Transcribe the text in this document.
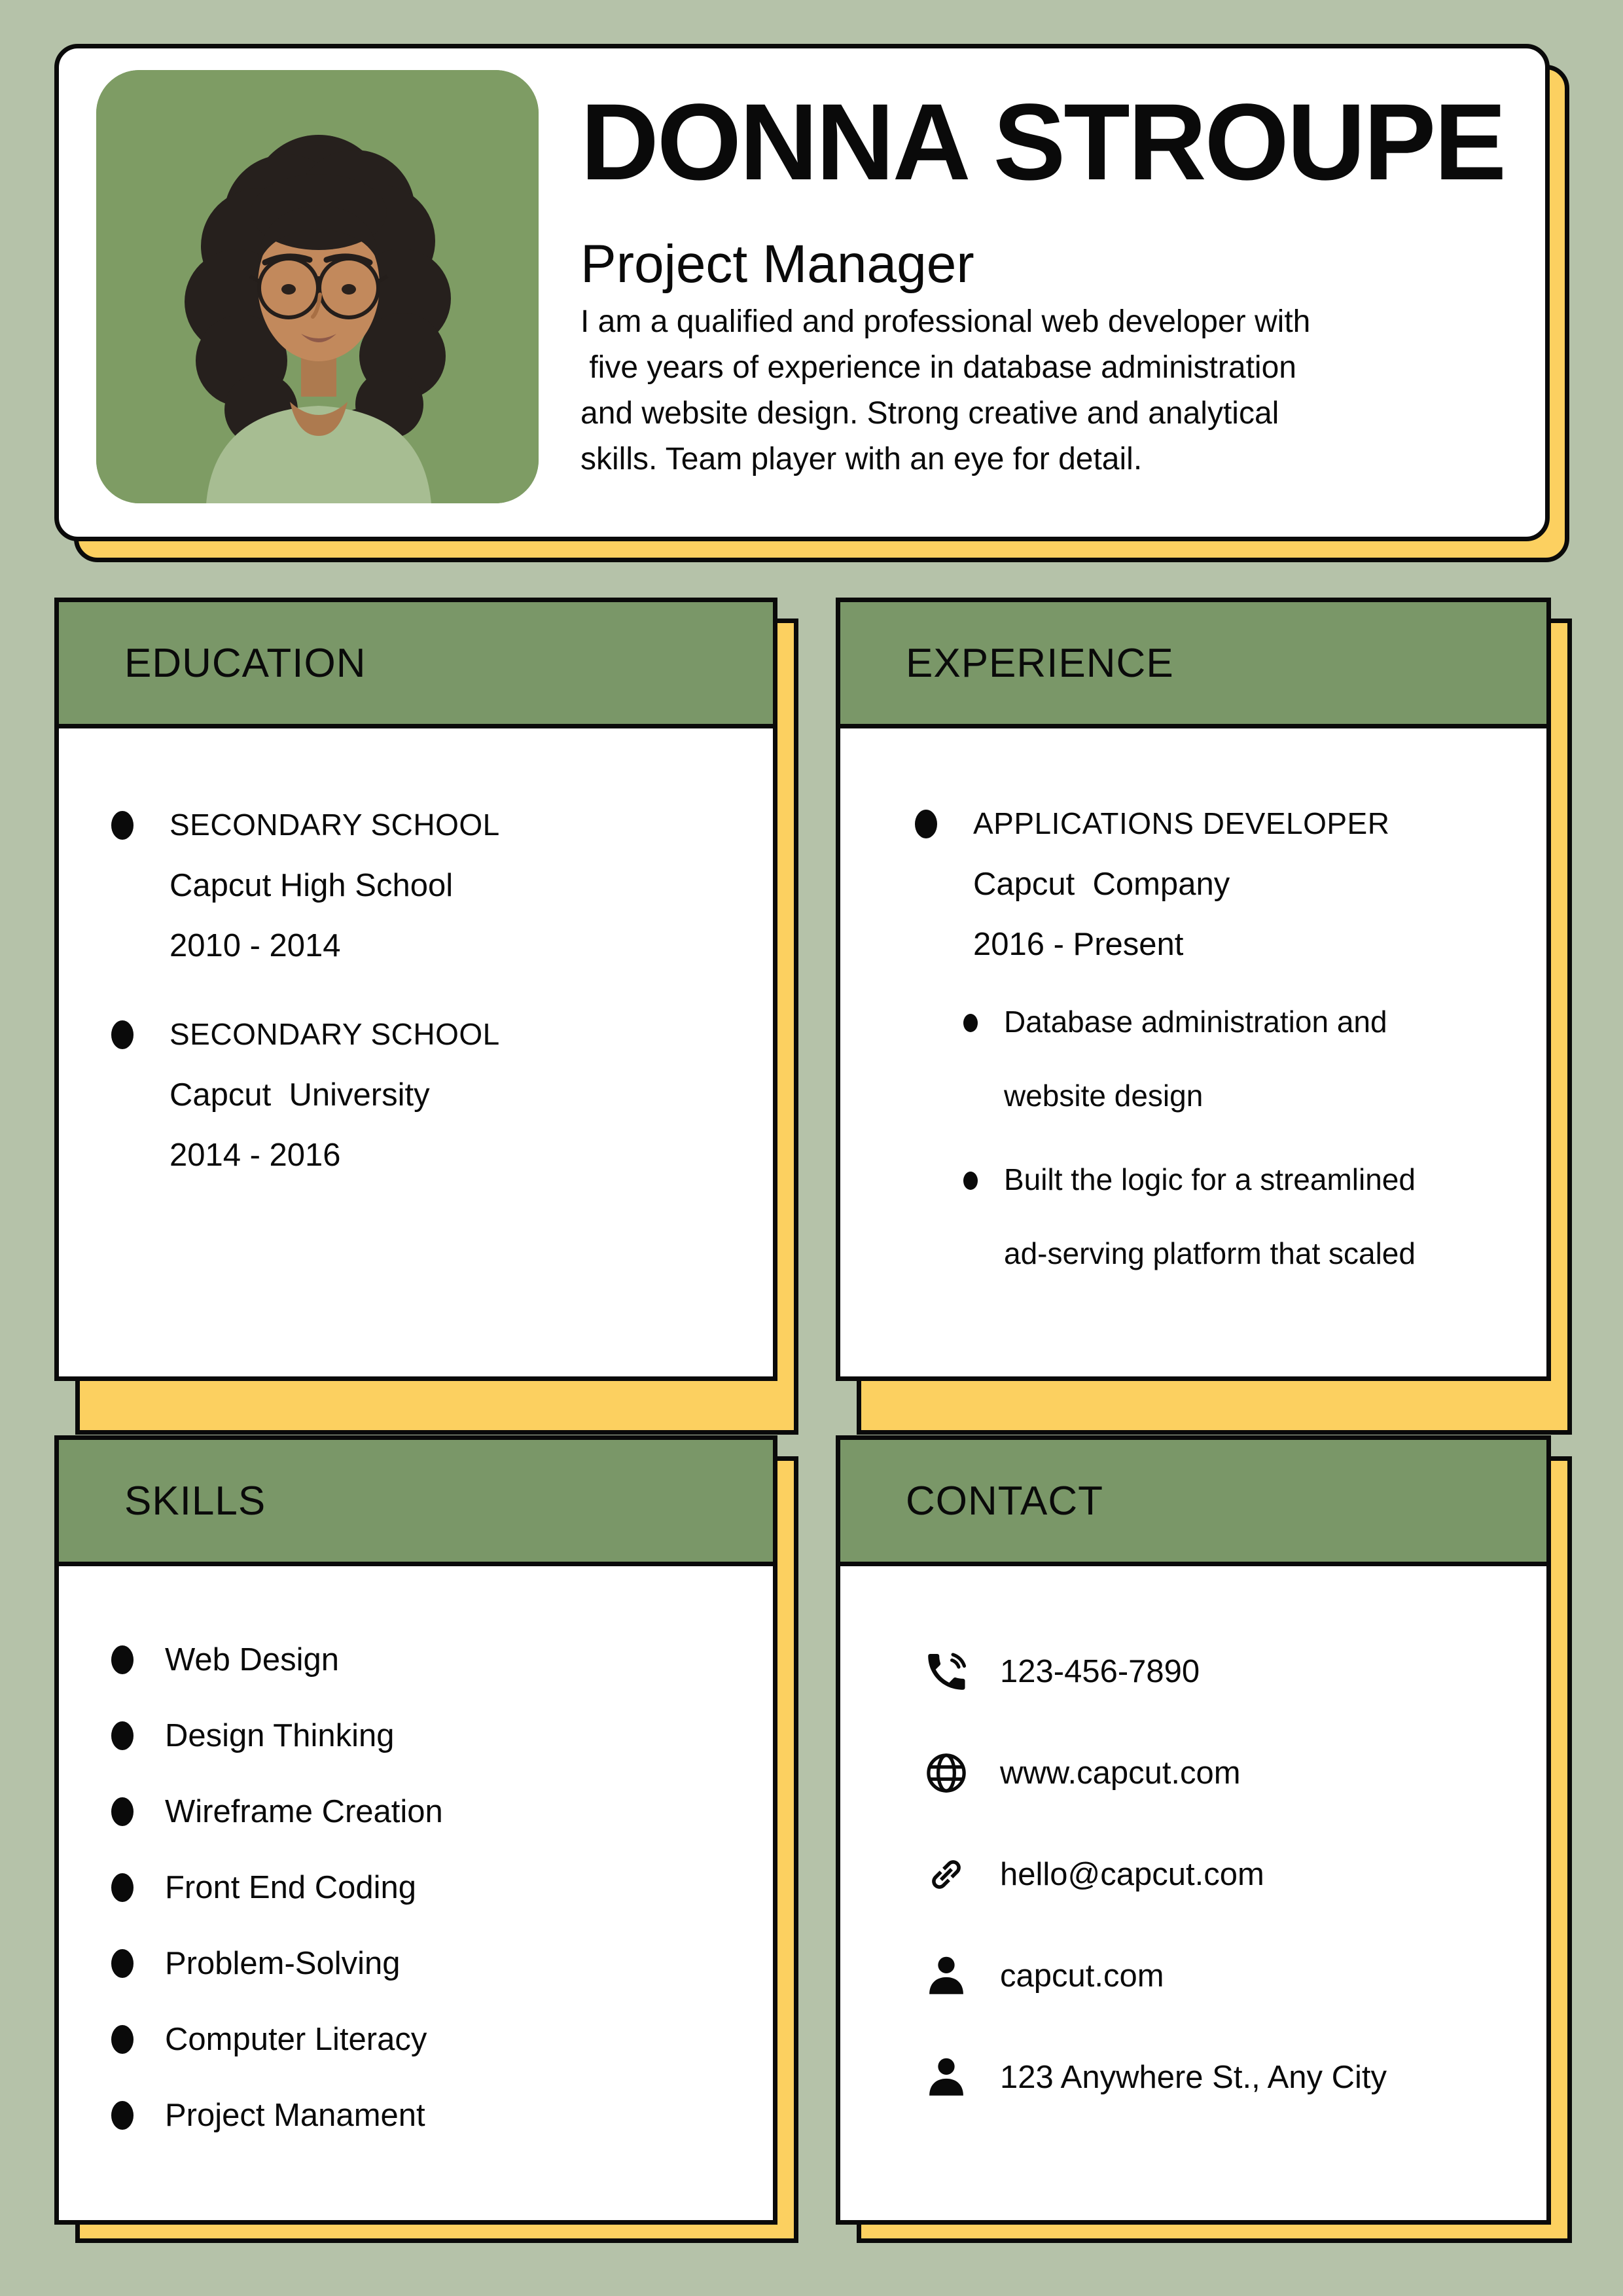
DONNA STROUPE
Project Manager
I am a qualified and professional web developer with
five years of experience in database administration
and website design. Strong creative and analytical
skills. Team player with an eye for detail.
EDUCATION
SECONDARY SCHOOL
Capcut High School
2010 - 2014
SECONDARY SCHOOL
Capcut  University
2014 - 2016
EXPERIENCE
APPLICATIONS DEVELOPER
Capcut  Company
2016 - Present
Database administration and website design
Built the logic for a streamlined ad-serving platform that scaled
SKILLS
Web Design
Design Thinking
Wireframe Creation
Front End Coding
Problem-Solving
Computer Literacy
Project Manament
CONTACT
123-456-7890
www.capcut.com
hello@capcut.com
capcut.com
123 Anywhere St., Any City
